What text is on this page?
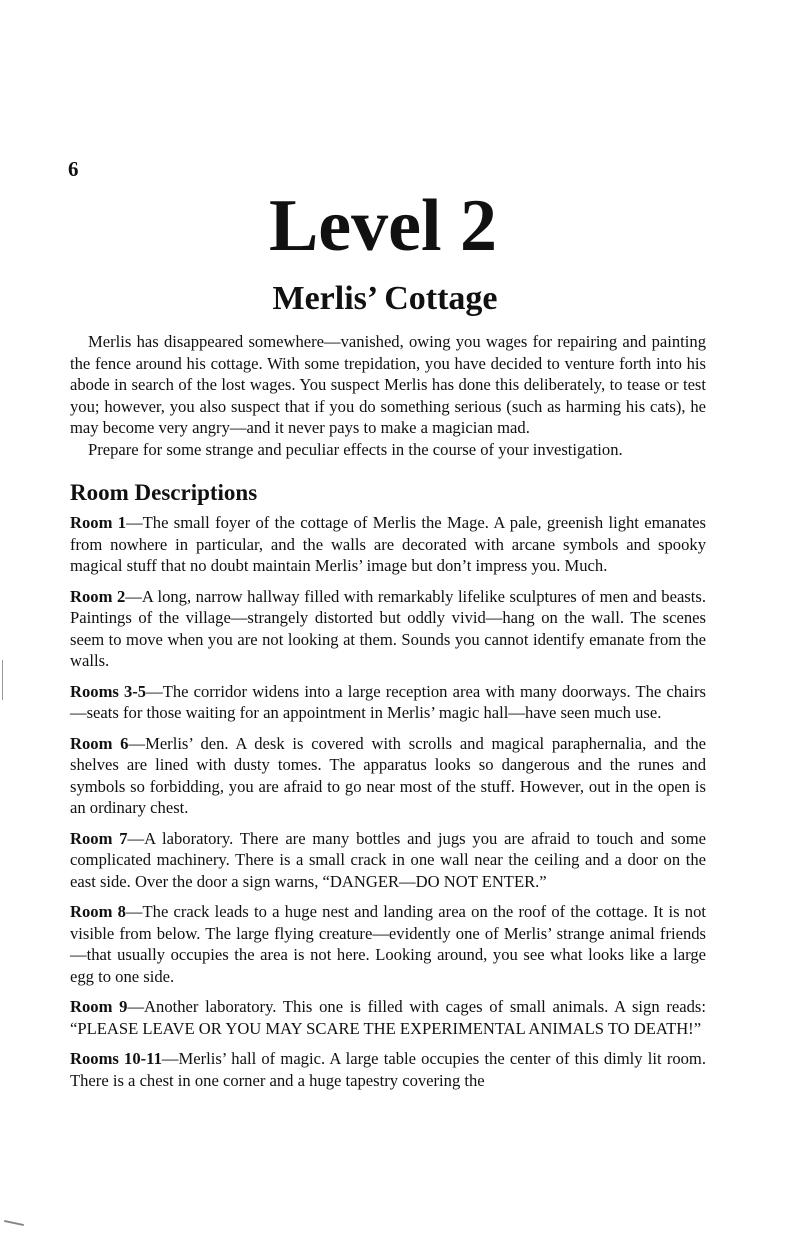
6
Level 2
Merlis’ Cottage

Merlis has disappeared somewhere—vanished, owing you wages for repairing and painting the fence around his cottage. With some trepidation, you have decided to venture forth into his abode in search of the lost wages. You suspect Merlis has done this deliberately, to tease or test you; however, you also suspect that if you do something serious (such as harming his cats), he may become very angry—and it never pays to make a magician mad.

Prepare for some strange and peculiar effects in the course of your investigation.

Room Descriptions

Room 1—The small foyer of the cottage of Merlis the Mage. A pale, greenish light emanates from nowhere in particular, and the walls are decorated with arcane symbols and spooky magical stuff that no doubt maintain Merlis’ image but don’t impress you. Much.

Room 2—A long, narrow hallway filled with remarkably lifelike sculptures of men and beasts. Paintings of the village—strangely distorted but oddly vivid—hang on the wall. The scenes seem to move when you are not looking at them. Sounds you cannot identify emanate from the walls.

Rooms 3-5—The corridor widens into a large reception area with many doorways. The chairs—seats for those waiting for an appointment in Merlis’ magic hall—have seen much use.

Room 6—Merlis’ den. A desk is covered with scrolls and magical paraphernalia, and the shelves are lined with dusty tomes. The apparatus looks so dangerous and the runes and symbols so forbidding, you are afraid to go near most of the stuff. However, out in the open is an ordinary chest.

Room 7—A laboratory. There are many bottles and jugs you are afraid to touch and some complicated machinery. There is a small crack in one wall near the ceiling and a door on the east side. Over the door a sign warns, “DANGER—DO NOT ENTER.”

Room 8—The crack leads to a huge nest and landing area on the roof of the cottage. It is not visible from below. The large flying creature—evidently one of Merlis’ strange animal friends—that usually occupies the area is not here. Looking around, you see what looks like a large egg to one side.

Room 9—Another laboratory. This one is filled with cages of small animals. A sign reads: “PLEASE LEAVE OR YOU MAY SCARE THE EXPERIMENTAL ANIMALS TO DEATH!”

Rooms 10-11—Merlis’ hall of magic. A large table occupies the center of this dimly lit room. There is a chest in one corner and a huge tapestry covering the
